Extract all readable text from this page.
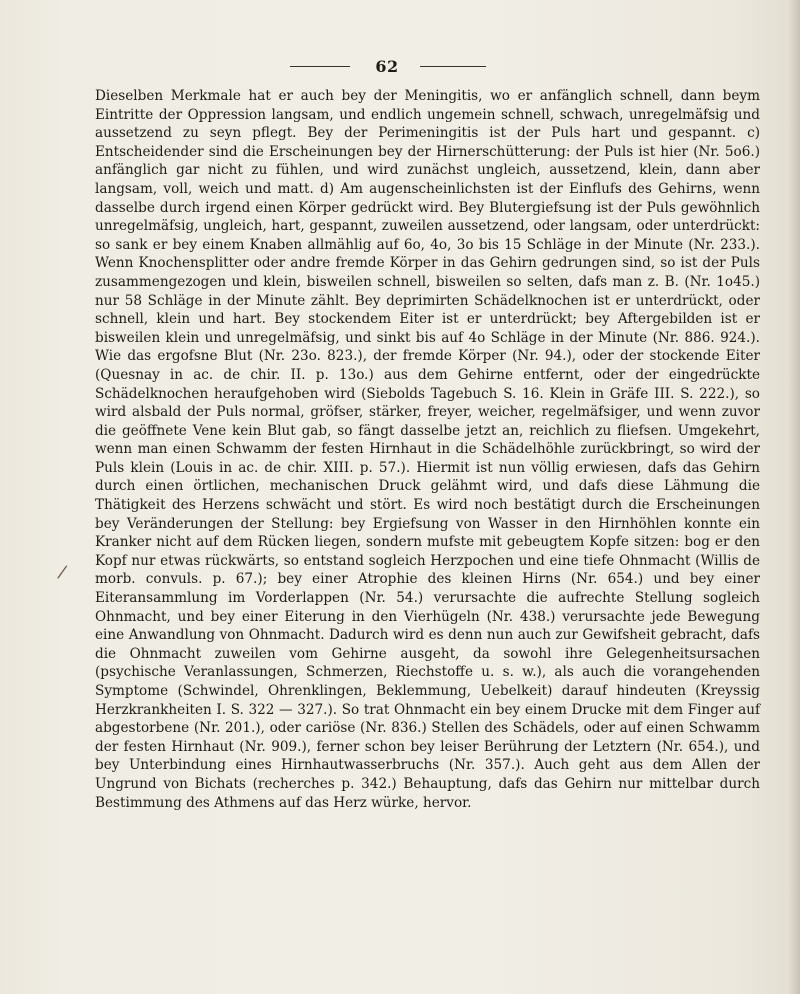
62
/
Dieselben Merkmale hat er auch bey der Meningitis, wo er anfänglich schnell, dann beym Eintritte der Oppression langsam, und endlich ungemein schnell, schwach, unregelmäfsig und aussetzend zu seyn pflegt. Bey der Perimeningitis ist der Puls hart und gespannt. c) Entscheidender sind die Erscheinungen bey der Hirnerschütterung: der Puls ist hier (Nr. 5o6.) anfänglich gar nicht zu fühlen, und wird zunächst ungleich, aussetzend, klein, dann aber langsam, voll, weich und matt. d) Am augenscheinlichsten ist der Einflufs des Gehirns, wenn dasselbe durch irgend einen Körper gedrückt wird. Bey Blutergiefsung ist der Puls gewöhnlich unregelmäfsig, ungleich, hart, gespannt, zuweilen aussetzend, oder langsam, oder unterdrückt: so sank er bey einem Knaben allmählig auf 6o, 4o, 3o bis 15 Schläge in der Minute (Nr. 233.). Wenn Knochensplitter oder andre fremde Körper in das Gehirn gedrungen sind, so ist der Puls zusammengezogen und klein, bisweilen schnell, bisweilen so selten, dafs man z. B. (Nr. 1o45.) nur 58 Schläge in der Minute zählt. Bey deprimirten Schädelknochen ist er unterdrückt, oder schnell, klein und hart. Bey stockendem Eiter ist er unterdrückt; bey Aftergebilden ist er bisweilen klein und unregelmäfsig, und sinkt bis auf 4o Schläge in der Minute (Nr. 886. 924.). Wie das ergofsne Blut (Nr. 23o. 823.), der fremde Körper (Nr. 94.), oder der stockende Eiter (Quesnay in ac. de chir. II. p. 13o.) aus dem Gehirne entfernt, oder der eingedrückte Schädelknochen heraufgehoben wird (Siebolds Tagebuch S. 16. Klein in Gräfe III. S. 222.), so wird alsbald der Puls normal, gröfser, stärker, freyer, weicher, regelmäfsiger, und wenn zuvor die geöffnete Vene kein Blut gab, so fängt dasselbe jetzt an, reichlich zu fliefsen. Umgekehrt, wenn man einen Schwamm der festen Hirnhaut in die Schädelhöhle zurückbringt, so wird der Puls klein (Louis in ac. de chir. XIII. p. 57.). Hiermit ist nun völlig erwiesen, dafs das Gehirn durch einen örtlichen, mechanischen Druck gelähmt wird, und dafs diese Lähmung die Thätigkeit des Herzens schwächt und stört. Es wird noch bestätigt durch die Erscheinungen bey Veränderungen der Stellung: bey Ergiefsung von Wasser in den Hirnhöhlen konnte ein Kranker nicht auf dem Rücken liegen, sondern mufste mit gebeugtem Kopfe sitzen: bog er den Kopf nur etwas rückwärts, so entstand sogleich Herzpochen und eine tiefe Ohnmacht (Willis de morb. convuls. p. 67.); bey einer Atrophie des kleinen Hirns (Nr. 654.) und bey einer Eiteransammlung im Vorderlappen (Nr. 54.) verursachte die aufrechte Stellung sogleich Ohnmacht, und bey einer Eiterung in den Vierhügeln (Nr. 438.) verursachte jede Bewegung eine Anwandlung von Ohnmacht. Dadurch wird es denn nun auch zur Gewifsheit gebracht, dafs die Ohnmacht zuweilen vom Gehirne ausgeht, da sowohl ihre Gelegenheitsursachen (psychische Veranlassungen, Schmerzen, Riechstoffe u. s. w.), als auch die vorangehenden Symptome (Schwindel, Ohrenklingen, Beklemmung, Uebelkeit) darauf hindeuten (Kreyssig Herzkrankheiten I. S. 322 — 327.). So trat Ohnmacht ein bey einem Drucke mit dem Finger auf abgestorbene (Nr. 201.), oder cariöse (Nr. 836.) Stellen des Schädels, oder auf einen Schwamm der festen Hirnhaut (Nr. 909.), ferner schon bey leiser Berührung der Letztern (Nr. 654.), und bey Unterbindung eines Hirnhautwasserbruchs (Nr. 357.). Auch geht aus dem Allen der Ungrund von Bichats (recherches p. 342.) Behauptung, dafs das Gehirn nur mittelbar durch Bestimmung des Athmens auf das Herz würke, hervor.
